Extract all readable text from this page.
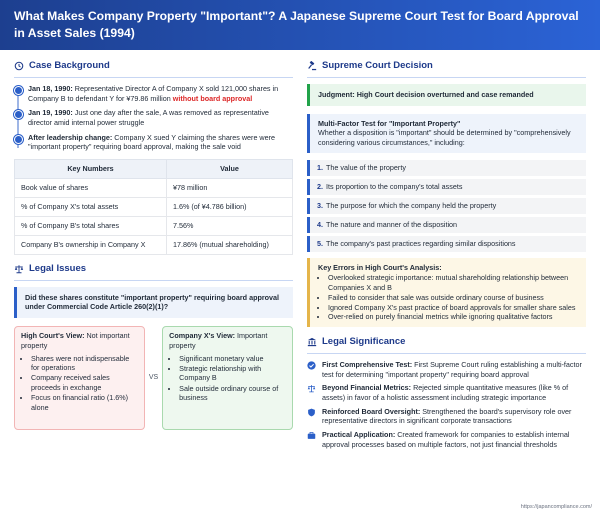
What Makes Company Property "Important"? A Japanese Supreme Court Test for Board Approval in Asset Sales (1994)
Case Background
Jan 18, 1990: Representative Director A of Company X sold 121,000 shares in Company B to defendant Y for ¥79.86 million without board approval
Jan 19, 1990: Just one day after the sale, A was removed as representative director amid internal power struggle
After leadership change: Company X sued Y claiming the shares were were "important property" requiring board approval, making the sale void
Key Numbers	Value
Book value of shares	¥78 million
% of Company X's total assets	1.6% (of ¥4.786 billion)
% of Company B's total shares	7.56%
Company B's ownership in Company X	17.86% (mutual shareholding)
Legal Issues
Did these shares constitute "important property" requiring board approval under Commercial Code Article 260(2)(1)?
High Court's View: Not important property
• Shares were not indispensable for operations
• Company received sales proceeds in exchange
• Focus on financial ratio (1.6%) alone
VS
Company X's View: Important property
• Significant monetary value
• Strategic relationship with Company B
• Sale outside ordinary course of business
Supreme Court Decision
Judgment: High Court decision overturned and case remanded
Multi-Factor Test for "Important Property"
Whether a disposition is "important" should be determined by "comprehensively considering various circumstances," including:
1. The value of the property
2. Its proportion to the company's total assets
3. The purpose for which the company held the property
4. The nature and manner of the disposition
5. The company's past practices regarding similar dispositions
Key Errors in High Court's Analysis:
• Overlooked strategic importance: mutual shareholding relationship between Companies X and B
• Failed to consider that sale was outside ordinary course of business
• Ignored Company X's past practice of board approvals for smaller share sales
• Over-relied on purely financial metrics while ignoring qualitative factors
Legal Significance
First Comprehensive Test: First Supreme Court ruling establishing a multi-factor test for determining "important property" requiring board approval
Beyond Financial Metrics: Rejected simple quantitative measures (like % of assets) in favor of a holistic assessment including strategic importance
Reinforced Board Oversight: Strengthened the board's supervisory role over representative directors in significant corporate transactions
Practical Application: Created framework for companies to establish internal approval processes based on multiple factors, not just financial thresholds
https://japancompliance.com/
